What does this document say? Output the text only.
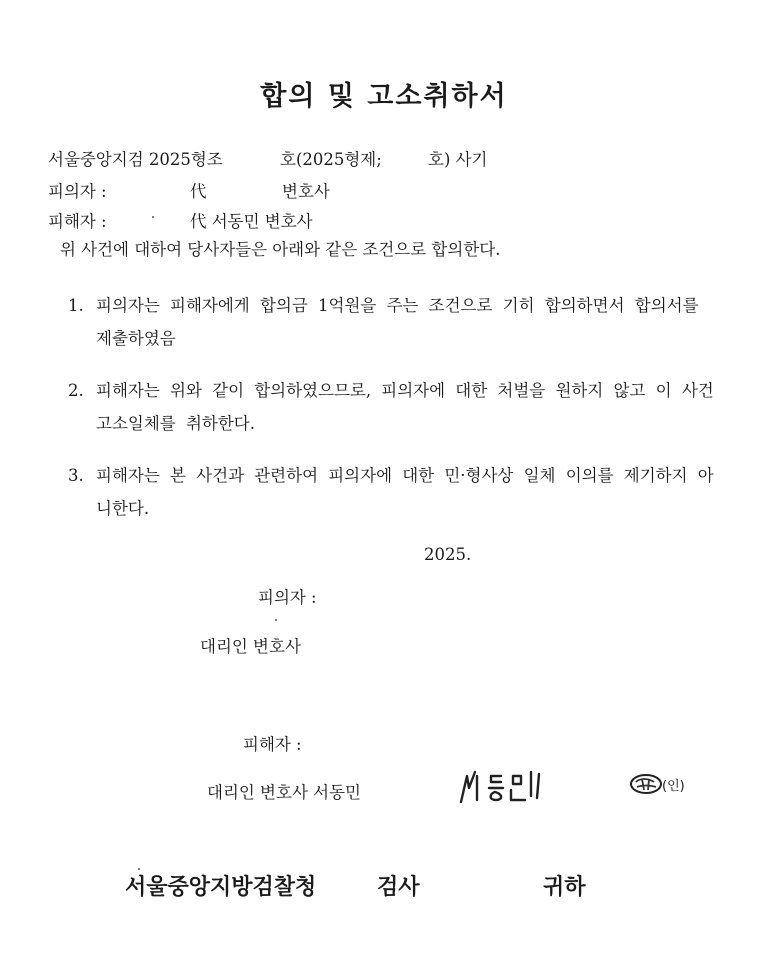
합의 및 고소취하서
서울중앙지검 2025형조	호(2025형제;	호) 사기
피의자 :	代	변호사
피해자 :	代 서동민 변호사
위 사건에 대하여 당사자들은 아래와 같은 조건으로 합의한다.
1. 피의자는 피해자에게 합의금 1억원을 주는 조건으로 기히 합의하면서 합의서를 제출하였음
2. 피해자는 위와 같이 합의하였으므로, 피의자에 대한 처벌을 원하지 않고 이 사건 고소일체를 취하한다.
3. 피해자는 본 사건과 관련하여 피의자에 대한 민·형사상 일체 이의를 제기하지 아니한다.
2025.
피의자 :
대리인 변호사
피해자 :
대리인 변호사 서동민	(인)
서울중앙지방검찰청	검사	귀하
